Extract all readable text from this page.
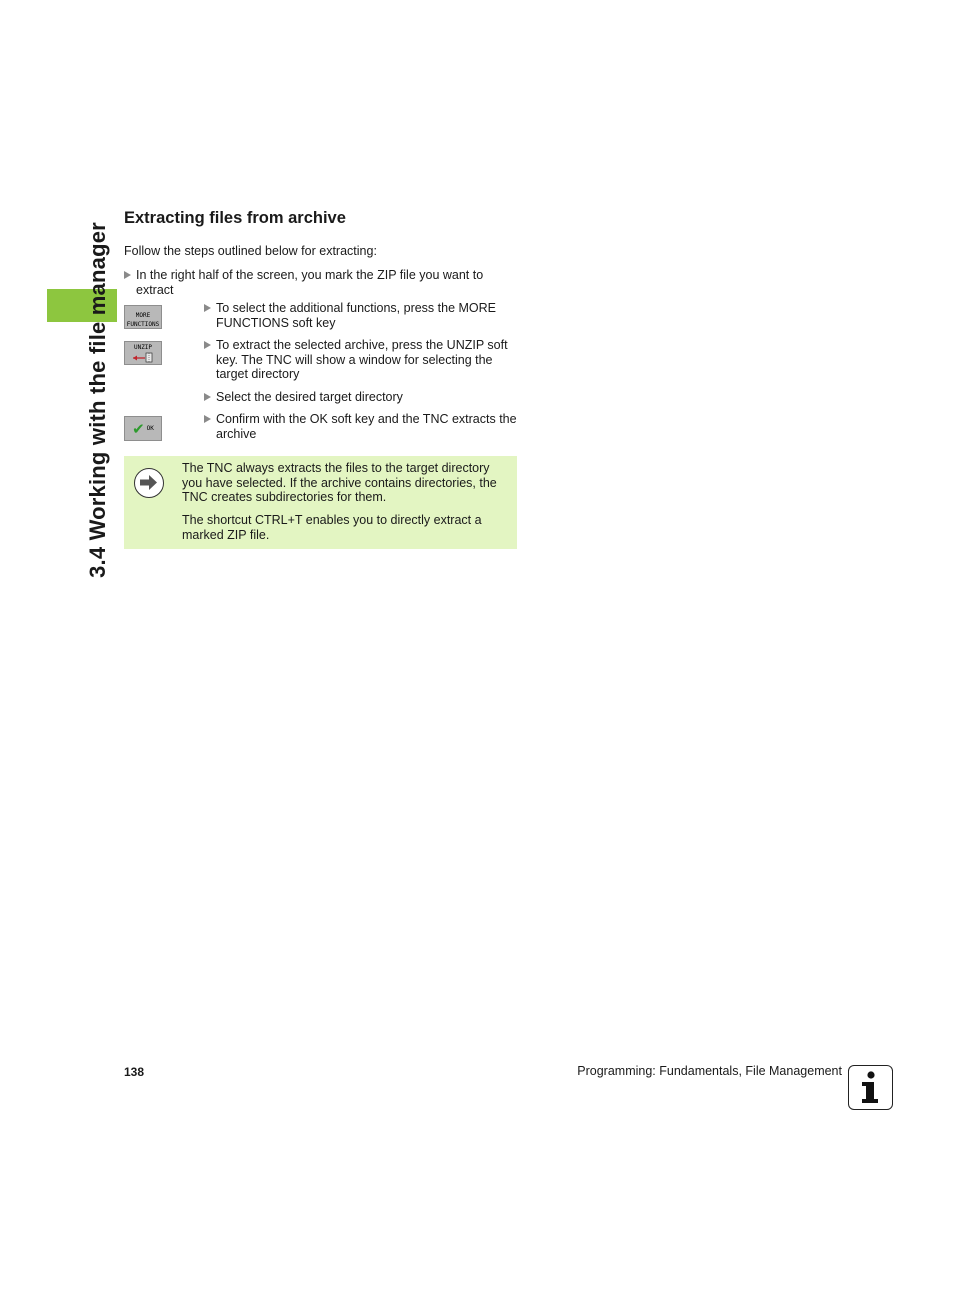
3.4 Working with the file manager
Extracting files from archive
Follow the steps outlined below for extracting:
In the right half of the screen, you mark the ZIP file you want to extract
MORE
FUNCTIONS
To select the additional functions, press the MORE FUNCTIONS soft key
UNZIP	To extract the selected archive, press the UNZIP soft key. The TNC will show a window for selecting the target directory
Select the desired target directory
✔ OK
Confirm with the OK soft key and the TNC extracts the archive
The TNC always extracts the files to the target directory you have selected. If the archive contains directories, the TNC creates subdirectories for them.
The shortcut CTRL+T enables you to directly extract a marked ZIP file.
138	Programming: Fundamentals, File Management
